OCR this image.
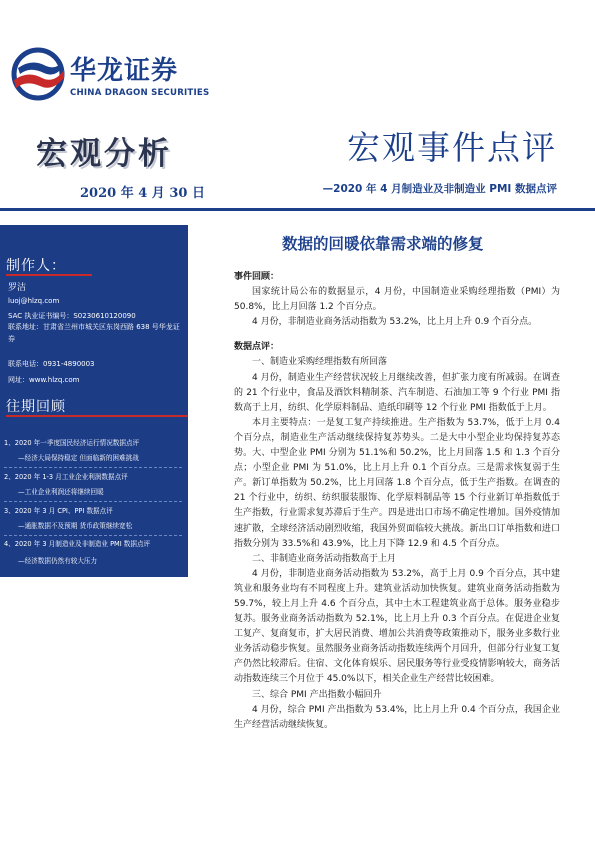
华龙证券
CHINA DRAGON SECURITIES
宏观分析
2020 年 4 月 30 日
宏观事件点评
—2020 年 4 月制造业及非制造业 PMI 数据点评
数据的回暖依靠需求端的修复
制作人：
罗洁
luoj@hlzq.com
SAC 执业证书编号：S0230610120090
联系地址：甘肃省兰州市城关区东岗西路 638 号华龙证券
联系电话：0931-4890003
网址：www.hlzq.com
往期回顾
1、2020 年一季度国民经济运行情况数据点评
—经济大局保持稳定 但面临新的困难挑战
2、2020 年 1-3 月工业企业利润数据点评
—工业企业利润还将继续回暖
3、2020 年 3 月 CPI、PPI 数据点评
—通胀数据不及预期 货币政策继续宽松
4、2020 年 3 月制造业及非制造业 PMI 数据点评
—经济数据仍然有较大压力
事件回顾：

国家统计局公布的数据显示，4 月份，中国制造业采购经理指数（PMI）为 50.8%，比上月回落 1.2 个百分点。

4 月份，非制造业商务活动指数为 53.2%，比上月上升 0.9 个百分点。

数据点评：
一、制造业采购经理指数有所回落

4 月份，制造业生产经营状况较上月继续改善，但扩张力度有所减弱。在调查的 21 个行业中，食品及酒饮料精制茶、汽车制造、石油加工等 9 个行业 PMI 指数高于上月，纺织、化学原料制品、造纸印刷等 12 个行业 PMI 指数低于上月。

本月主要特点：一是复工复产持续推进。生产指数为 53.7%，低于上月 0.4 个百分点，制造业生产活动继续保持复苏势头。二是大中小型企业均保持复苏态势。大、中型企业 PMI 分别为 51.1%和 50.2%，比上月回落 1.5 和 1.3 个百分点；小型企业 PMI 为 51.0%，比上月上升 0.1 个百分点。三是需求恢复弱于生产。新订单指数为 50.2%，比上月回落 1.8 个百分点，低于生产指数。在调查的 21 个行业中，纺织、纺织服装服饰、化学原料制品等 15 个行业新订单指数低于生产指数，行业需求复苏滞后于生产。四是进出口市场不确定性增加。国外疫情加速扩散，全球经济活动剧烈收缩，我国外贸面临较大挑战。新出口订单指数和进口指数分别为 33.5%和 43.9%，比上月下降 12.9 和 4.5 个百分点。

二、非制造业商务活动指数高于上月

4 月份，非制造业商务活动指数为 53.2%，高于上月 0.9 个百分点，其中建筑业和服务业均有不同程度上升。建筑业活动加快恢复。建筑业商务活动指数为 59.7%，较上月上升 4.6 个百分点，其中土木工程建筑业高于总体。服务业稳步复苏。服务业商务活动指数为 52.1%，比上月上升 0.3 个百分点。在促进企业复工复产、复商复市，扩大居民消费、增加公共消费等政策推动下，服务业多数行业业务活动稳步恢复。虽然服务业商务活动指数连续两个月回升，但部分行业复工复产仍然比较滞后。住宿、文化体育娱乐、居民服务等行业受疫情影响较大，商务活动指数连续三个月位于 45.0%以下，相关企业生产经营比较困难。

三、综合 PMI 产出指数小幅回升

4 月份，综合 PMI 产出指数为 53.4%，比上月上升 0.4 个百分点，我国企业生产经营活动继续恢复。
